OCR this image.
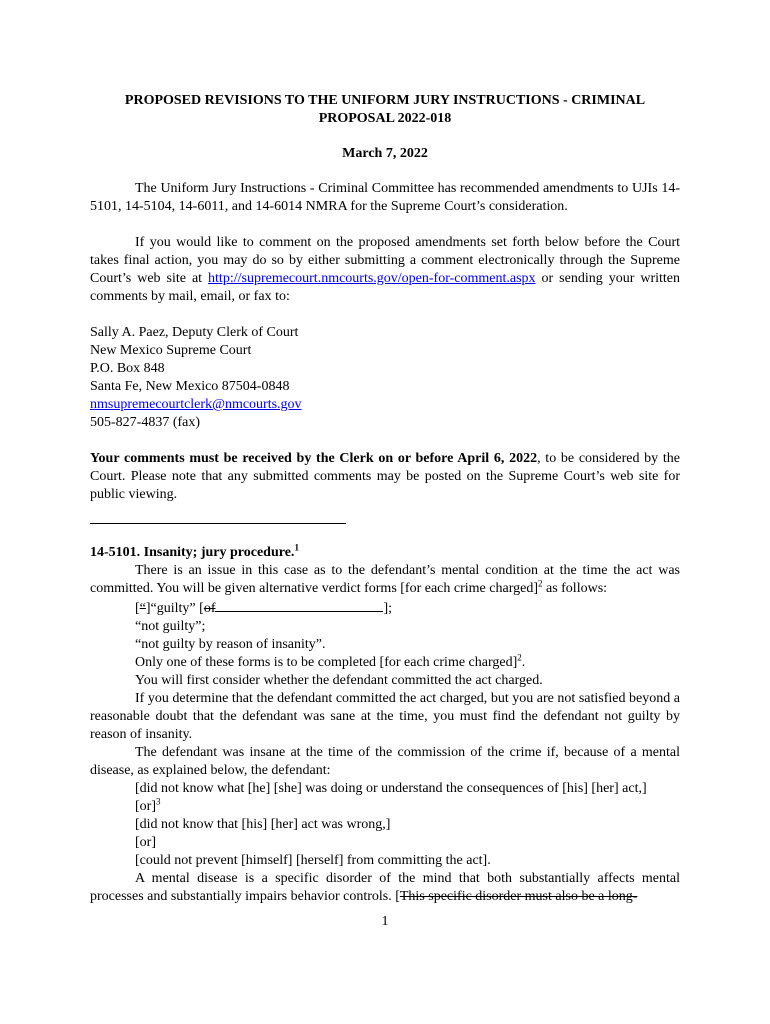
PROPOSED REVISIONS TO THE UNIFORM JURY INSTRUCTIONS - CRIMINAL
PROPOSAL 2022-018
March 7, 2022

The Uniform Jury Instructions - Criminal Committee has recommended amendments to UJIs 14-5101, 14-5104, 14-6011, and 14-6014 NMRA for the Supreme Court’s consideration.

If you would like to comment on the proposed amendments set forth below before the Court takes final action, you may do so by either submitting a comment electronically through the Supreme Court’s web site at http://supremecourt.nmcourts.gov/open-for-comment.aspx or sending your written comments by mail, email, or fax to:

Sally A. Paez, Deputy Clerk of Court
New Mexico Supreme Court
P.O. Box 848
Santa Fe, New Mexico 87504-0848
nmsupremecourtclerk@nmcourts.gov
505-827-4837 (fax)

Your comments must be received by the Clerk on or before April 6, 2022, to be considered by the Court. Please note that any submitted comments may be posted on the Supreme Court’s web site for public viewing.

14-5101. Insanity; jury procedure.$^1$

There is an issue in this case as to the defendant’s mental condition at the time the act was committed. You will be given alternative verdict forms [for each crime charged]$^2$ as follows:

[“]“guilty” [of	];
“not guilty”;
“not guilty by reason of insanity”.
Only one of these forms is to be completed [for each crime charged]$^2$.
You will first consider whether the defendant committed the act charged.

If you determine that the defendant committed the act charged, but you are not satisfied beyond a reasonable doubt that the defendant was sane at the time, you must find the defendant not guilty by reason of insanity.

The defendant was insane at the time of the commission of the crime if, because of a mental disease, as explained below, the defendant:

[did not know what [he] [she] was doing or understand the consequences of [his] [her] act,]
[or]$^3$
[did not know that [his] [her] act was wrong,]
[or]
[could not prevent [himself] [herself] from committing the act].

A mental disease is a specific disorder of the mind that both substantially affects mental processes and substantially impairs behavior controls. [This specific disorder must also be a long-

1
